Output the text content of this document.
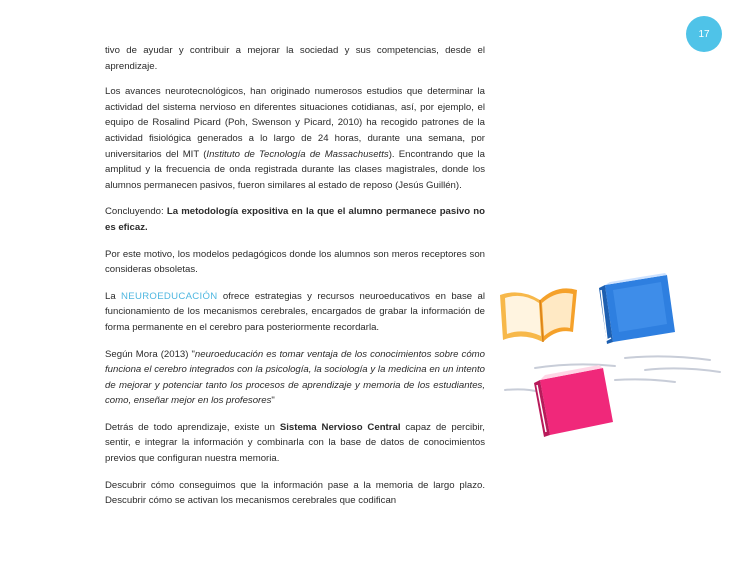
17

tivo de ayudar y contribuir a mejorar la sociedad y sus competencias, desde el aprendizaje.

Los avances neurotecnológicos, han originado numerosos estudios que determinar la actividad del sistema nervioso en diferentes situaciones cotidianas, así, por ejemplo, el equipo de Rosalind Picard (Poh, Swenson y Picard, 2010) ha recogido patrones de la actividad fisiológica generados a lo largo de 24 horas, durante una semana, por universitarios del MIT (Instituto de Tecnología de Massachusetts). Encontrando que la amplitud y la frecuencia de onda registrada durante las clases magistrales, donde los alumnos permanecen pasivos, fueron similares al estado de reposo (Jesús Guillén).

Concluyendo: La metodología expositiva en la que el alumno permanece pasivo no es eficaz.

Por este motivo, los modelos pedagógicos donde los alumnos son meros receptores son consideras obsoletas.

La NEUROEDUCACIÓN ofrece estrategias y recursos neuroeducativos en base al funcionamiento de los mecanismos cerebrales, encargados de grabar la información de forma permanente en el cerebro para posteriormente recordarla.

Según Mora (2013) "neuroeducación es tomar ventaja de los conocimientos sobre cómo funciona el cerebro integrados con la psicología, la sociología y la medicina en un intento de mejorar y potenciar tanto los procesos de aprendizaje y memoria de los estudiantes, como, enseñar mejor en los profesores"

Detrás de todo aprendizaje, existe un Sistema Nervioso Central capaz de percibir, sentir, e integrar la información y combinarla con la base de datos de conocimientos previos que configuran nuestra memoria.

Descubrir cómo conseguimos que la información pase a la memoria de largo plazo. Descubrir cómo se activan los mecanismos cerebrales que codifican
